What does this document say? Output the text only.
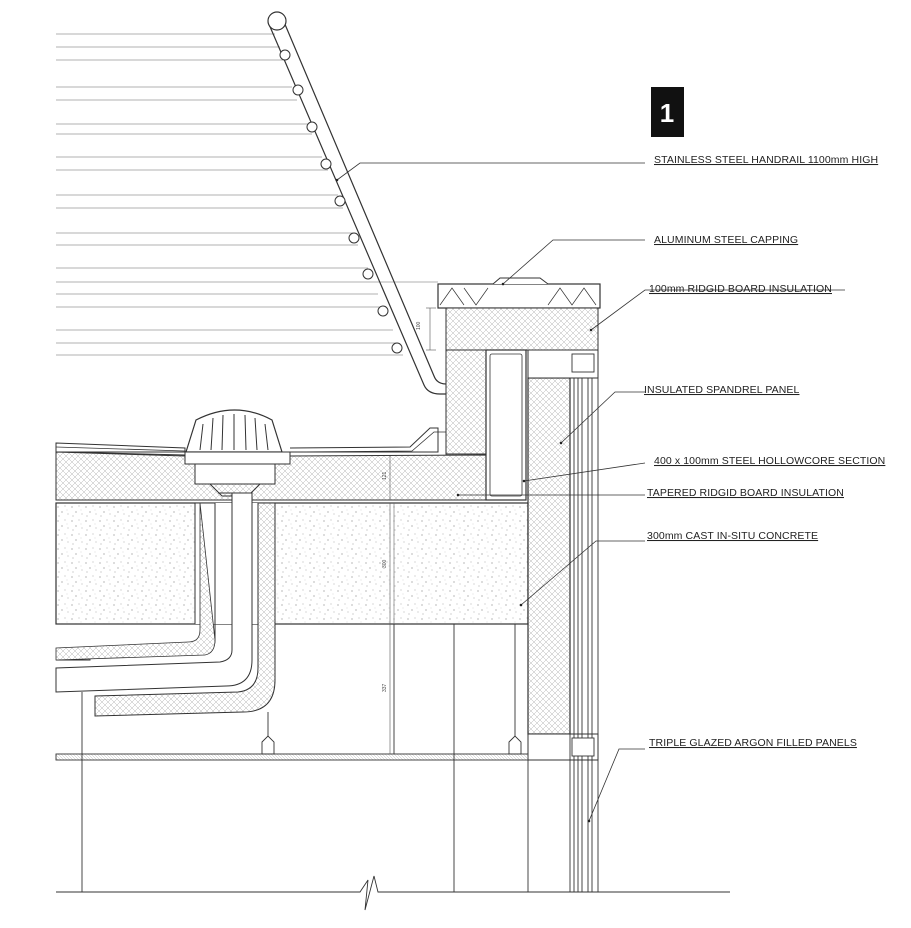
100
121
300
337
1
STAINLESS STEEL HANDRAIL 1100mm HIGH
ALUMINUM STEEL CAPPING
100mm RIDGID BOARD INSULATION
INSULATED SPANDREL PANEL
400 x 100mm STEEL HOLLOWCORE SECTION
TAPERED RIDGID BOARD INSULATION
300mm CAST IN-SITU CONCRETE
TRIPLE GLAZED ARGON FILLED PANELS
